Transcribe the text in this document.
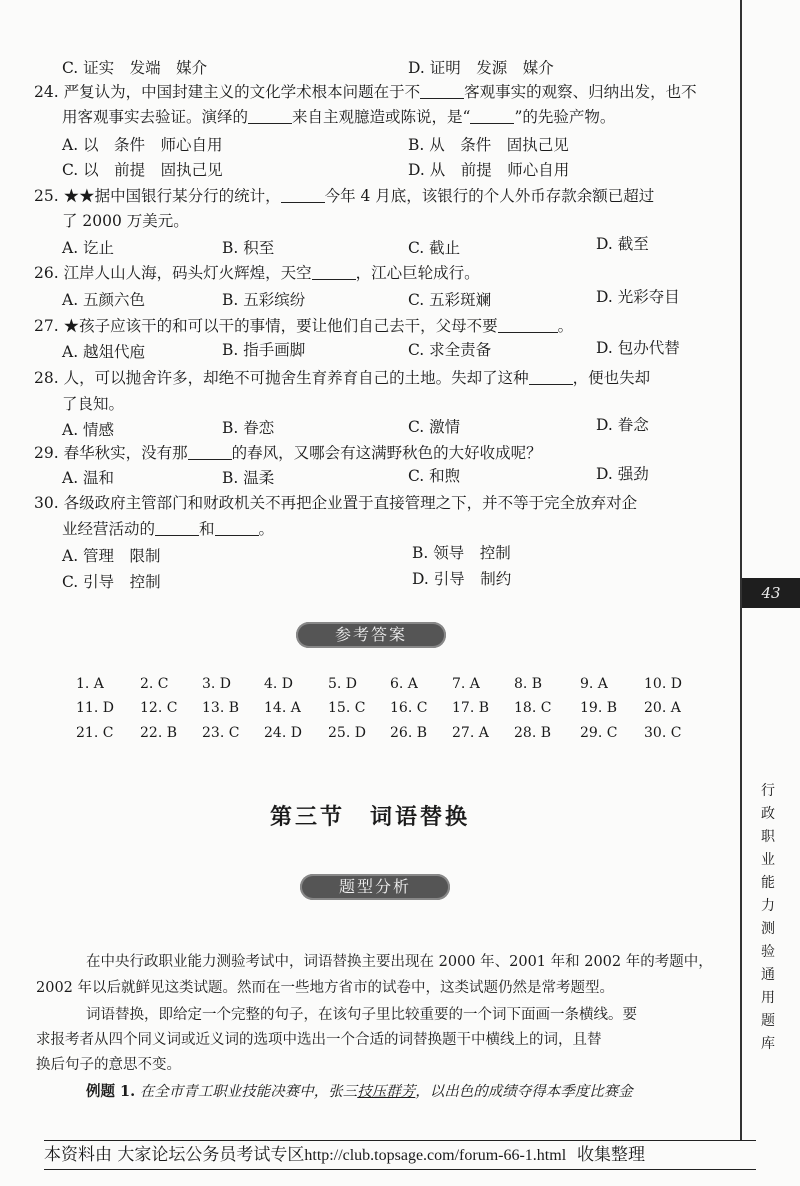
C. 证实　发端　媒介	D. 证明　发源　媒介
24. 严复认为，中国封建主义的文化学术根本问题在于不	客观事实的观察、归纳出发，也不
用客观事实去验证。演绎的	来自主观臆造或陈说，是“	”的先验产物。
A. 以　条件　师心自用	B. 从　条件　固执己见
C. 以　前提　固执己见	D. 从　前提　师心自用
25. ★★据中国银行某分行的统计，	今年 4 月底，该银行的个人外币存款余额已超过
了 2000 万美元。
A. 讫止	B. 积至	C. 截止	D. 截至
26. 江岸人山人海，码头灯火辉煌，天空	，江心巨轮成行。
A. 五颜六色	B. 五彩缤纷	C. 五彩斑斓	D. 光彩夺目
27. ★孩子应该干的和可以干的事情，要让他们自己去干，父母不要	。
A. 越俎代庖	B. 指手画脚	C. 求全责备	D. 包办代替
28. 人，可以抛舍许多，却绝不可抛舍生育养育自己的土地。失却了这种	，便也失却
了良知。
A. 情感	B. 眷恋	C. 激情	D. 眷念
29. 春华秋实，没有那	的春风，又哪会有这满野秋色的大好收成呢？
A. 温和	B. 温柔	C. 和煦	D. 强劲
30. 各级政府主管部门和财政机关不再把企业置于直接管理之下，并不等于完全放弃对企
业经营活动的	和	。
A. 管理　限制	B. 领导　控制
C. 引导　控制	D. 引导　制约
参考答案
1. A	2. C 3. D 4. D 5. D 6. A 7. A 8. B	9. A	10. D
11. D 12. C 13. B 14. A 15. C 16. C 17. B 18. C 19. B 20. A
21. C 22. B 23. C 24. D 25. D 26. B 27. A 28. B 29. C 30. C
第三节　词语替换
题型分析
在中央行政职业能力测验考试中，词语替换主要出现在 2000 年、2001 年和 2002 年的考题中，
2002 年以后就鲜见这类试题。然而在一些地方省市的试卷中，这类试题仍然是常考题型。
词语替换，即给定一个完整的句子，在该句子里比较重要的一个词下面画一条横线。要
求报考者从四个同义词或近义词的选项中选出一个合适的词替换题干中横线上的词，且替
换后句子的意思不变。
例题 1. 在全市青工职业技能决赛中，张三技压群芳，以出色的成绩夺得本季度比赛金
43
行政职业能力测验通用题库
本资料由 大家论坛公务员考试专区http://club.topsage.com/forum-66-1.html 收集整理
